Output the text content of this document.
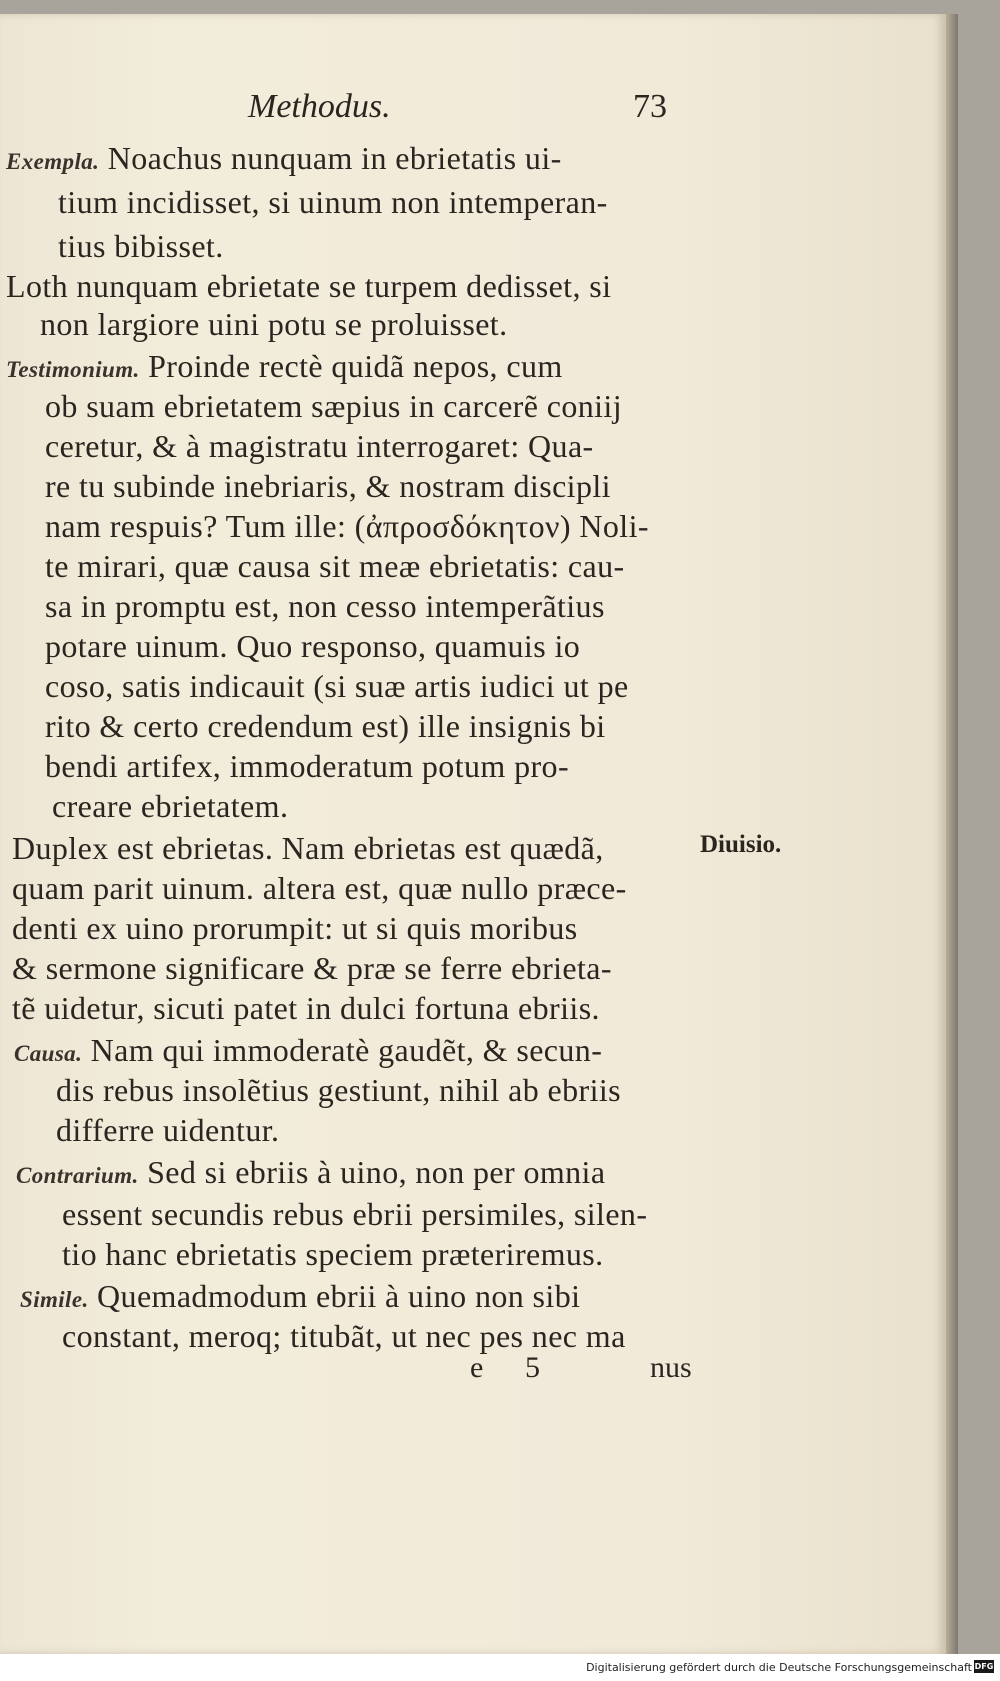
Methodus.	73
Exempla. Noachus nunquam in ebrietatis ui-
tium incidisset, si uinum non intemperan-
tius bibisset.
Loth nunquam ebrietate se turpem dedisset, si
non largiore uini potu se proluisset.
Testimonium. Proinde rectè quidã nepos, cum
ob suam ebrietatem sæpius in carcerẽ coniij
ceretur, & à magistratu interrogaret: Qua-
re tu subinde inebriaris, & nostram discipli
nam respuis? Tum ille: (ἀπροσδόκητον) Noli-
te mirari, quæ causa sit meæ ebrietatis: cau-
sa in promptu est, non cesso intemperãtius
potare uinum. Quo responso, quamuis io
coso, satis indicauit (si suæ artis iudici ut pe
rito & certo credendum est) ille insignis bi
bendi artifex, immoderatum potum pro-
creare ebrietatem.
Duplex est ebrietas. Nam ebrietas est quædã,
quam parit uinum. altera est, quæ nullo præce-
denti ex uino prorumpit: ut si quis moribus
& sermone significare & præ se ferre ebrieta-
tẽ uidetur, sicuti patet in dulci fortuna ebriis.
Causa. Nam qui immoderatè gaudẽt, & secun-
dis rebus insolẽtius gestiunt, nihil ab ebriis
differre uidentur.
Contrarium. Sed si ebriis à uino, non per omnia
essent secundis rebus ebrii persimiles, silen-
tio hanc ebrietatis speciem præteriremus.
Simile. Quemadmodum ebrii à uino non sibi
constant, meroq; titubãt, ut nec pes nec ma
Diuisio.
e 5	nus
Digitalisierung gefördert durch die Deutsche Forschungsgemeinschaft DFG
